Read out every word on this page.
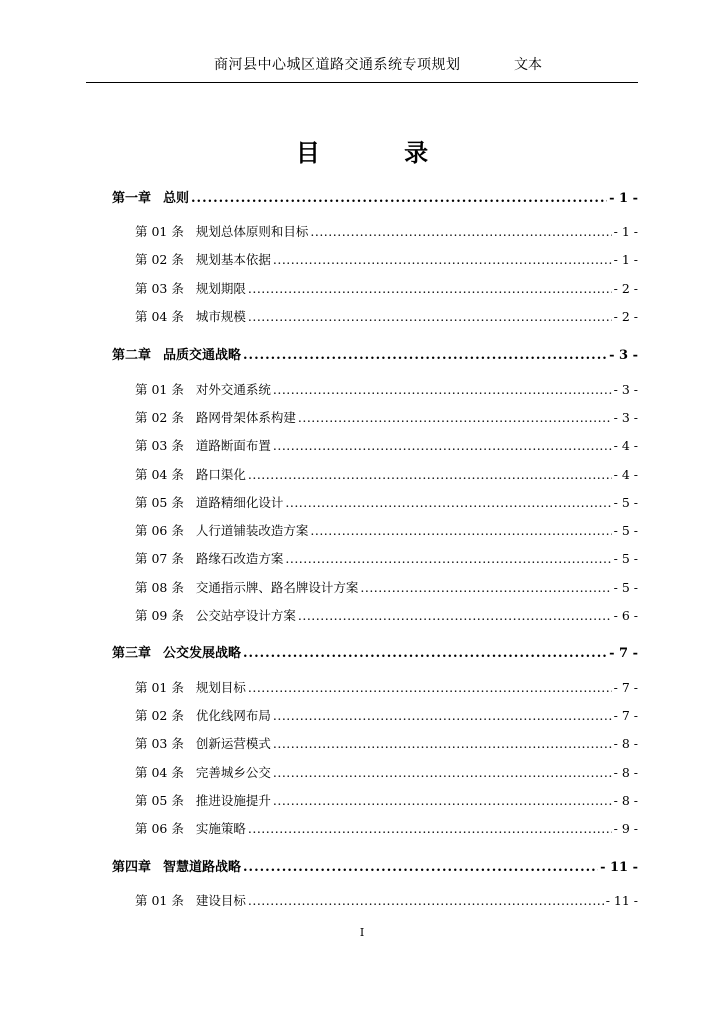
商河县中心城区道路交通系统专项规划	文本
目 录
第一章 总则 .....	- 1 -
第 01 条 规划总体原则和目标 .....	- 1 -
第 02 条 规划基本依据 .....	- 1 -
第 03 条 规划期限 .....	- 2 -
第 04 条 城市规模 .....	- 2 -
第二章 品质交通战略 .....	- 3 -
第 01 条 对外交通系统 .....	- 3 -
第 02 条 路网骨架体系构建 .....	- 3 -
第 03 条 道路断面布置 .....	- 4 -
第 04 条 路口渠化 .....	- 4 -
第 05 条 道路精细化设计 .....	- 5 -
第 06 条 人行道铺装改造方案 .....	- 5 -
第 07 条 路缘石改造方案 .....	- 5 -
第 08 条 交通指示牌、路名牌设计方案 .....	- 5 -
第 09 条 公交站亭设计方案 .....	- 6 -
第三章 公交发展战略 .....	- 7 -
第 01 条 规划目标 .....	- 7 -
第 02 条 优化线网布局 .....	- 7 -
第 03 条 创新运营模式 .....	- 8 -
第 04 条 完善城乡公交 .....	- 8 -
第 05 条 推进设施提升 .....	- 8 -
第 06 条 实施策略 .....	- 9 -
第四章 智慧道路战略 .....	- 11 -
第 01 条 建设目标 .....	- 11 -
I
